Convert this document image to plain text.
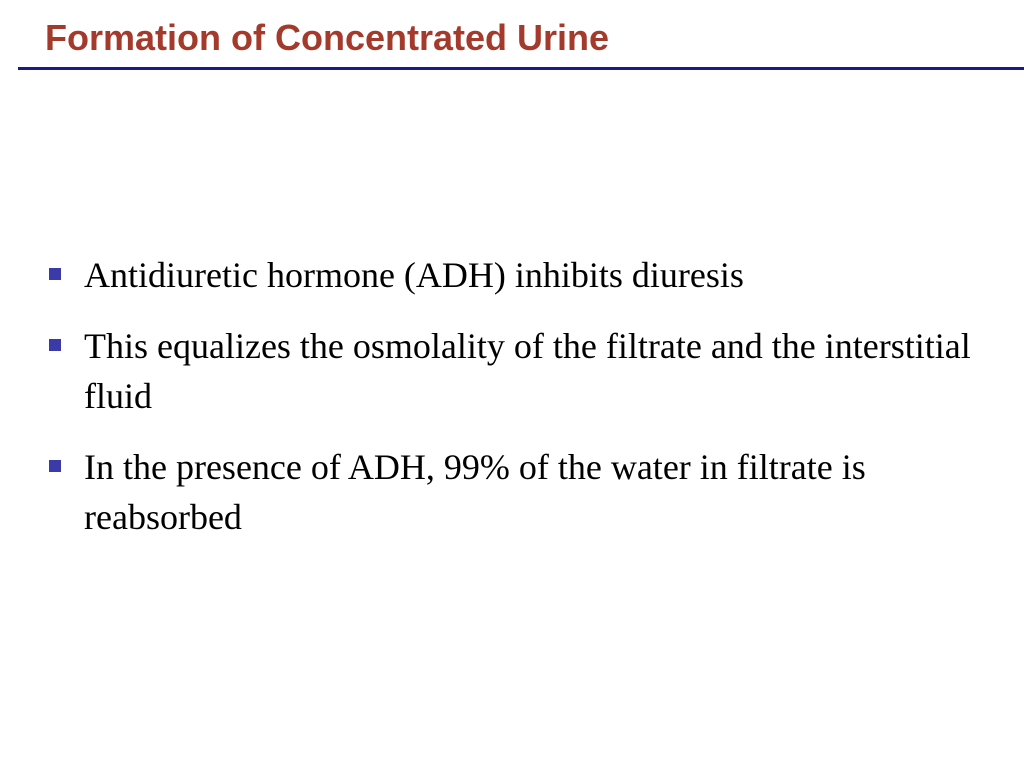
Formation of Concentrated Urine
Antidiuretic hormone (ADH) inhibits diuresis
This equalizes the osmolality of the filtrate and the interstitial fluid
In the presence of ADH, 99% of the water in filtrate is reabsorbed
